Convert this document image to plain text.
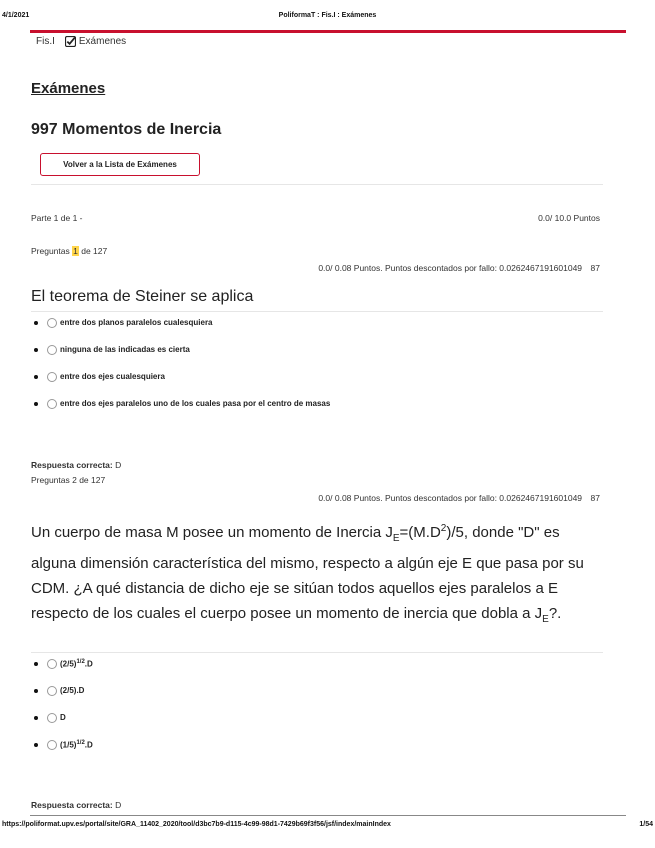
4/1/2021	PoliformaT : Fis.I : Exámenes
Fis.I Exámenes
Exámenes
997 Momentos de Inercia
Volver a la Lista de Exámenes
Parte 1 de 1 -	0.0/ 10.0 Puntos
Preguntas 1 de 127
0.0/ 0.08 Puntos. Puntos descontados por fallo: 0.0262467191601049 87
El teorema de Steiner se aplica
entre dos planos paralelos cualesquiera
ninguna de las indicadas es cierta
entre dos ejes cualesquiera
entre dos ejes paralelos uno de los cuales pasa por el centro de masas
Respuesta correcta: D
Preguntas 2 de 127
0.0/ 0.08 Puntos. Puntos descontados por fallo: 0.0262467191601049 87
Un cuerpo de masa M posee un momento de Inercia $J_E=(M.D^2)/5$, donde "D" es alguna dimensión característica del mismo, respecto a algún eje E que pasa por su CDM. ¿A qué distancia de dicho eje se sitúan todos aquellos ejes paralelos a E respecto de los cuales el cuerpo posee un momento de inercia que dobla a $J_E$?.
$(2/5)^{1/2}.D$
(2/5).D
D
$(1/5)^{1/2}.D$
Respuesta correcta: D
https://poliformat.upv.es/portal/site/GRA_11402_2020/tool/d3bc7b9-d115-4c99-98d1-7429b69f3f56/jsf/index/mainIndex	1/54
